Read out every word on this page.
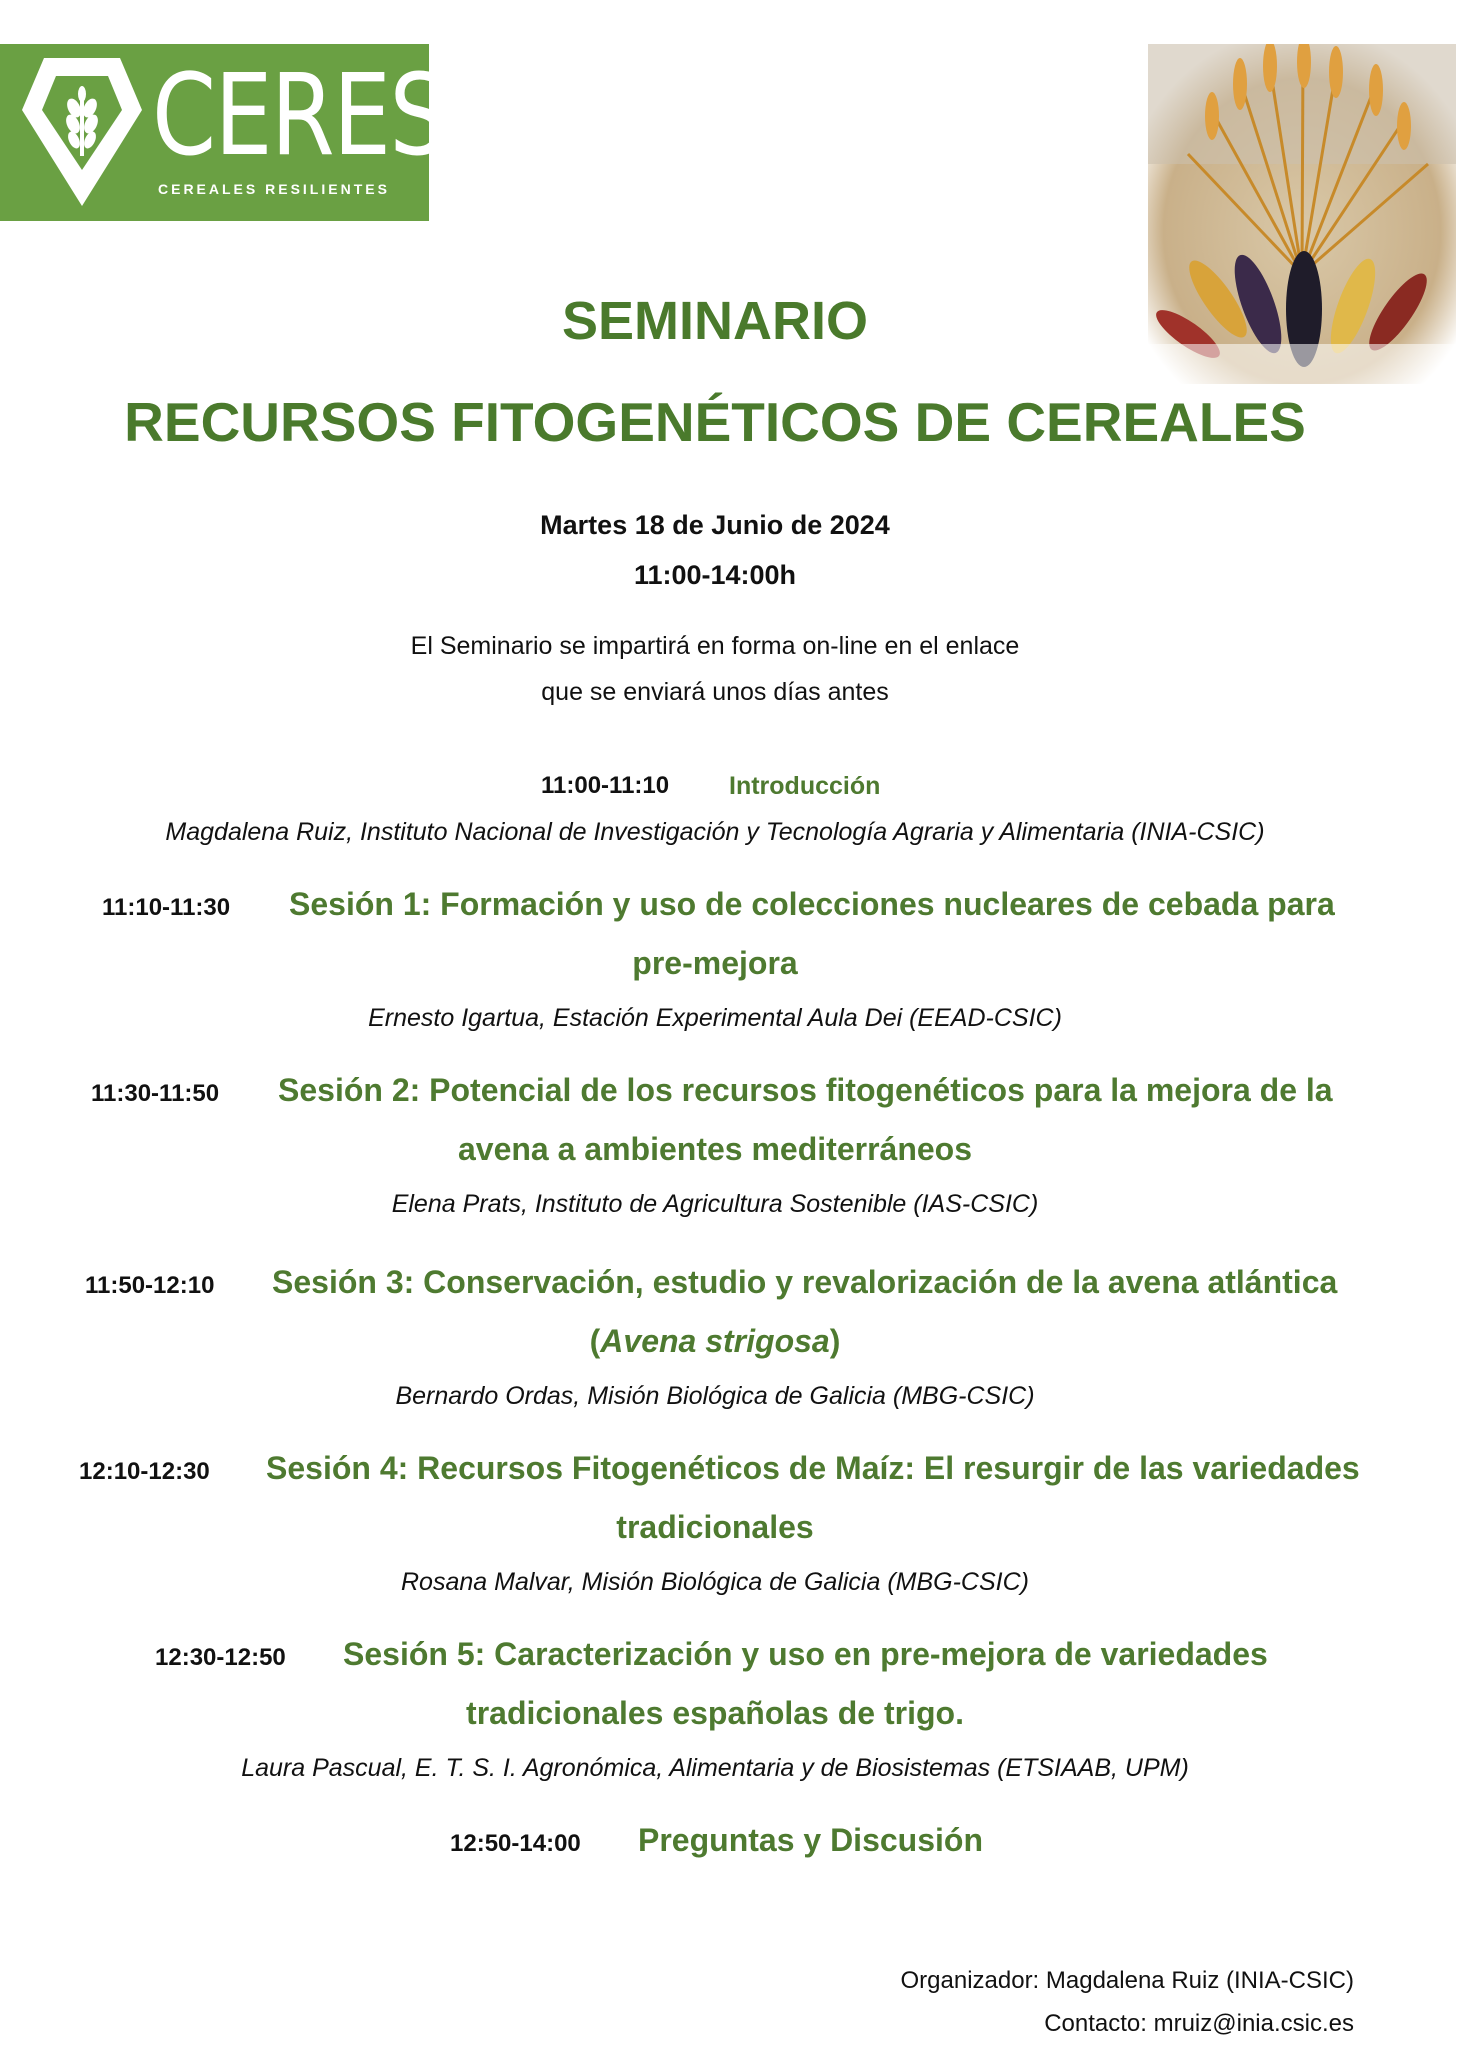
CERES
CEREALES RESILIENTES
SEMINARIO
RECURSOS FITOGENÉTICOS DE CEREALES
Martes 18 de Junio de 2024
11:00-14:00h
El Seminario se impartirá en forma on-line en el enlace
que se enviará unos días antes
11:00-11:10 Introducción
Magdalena Ruiz, Instituto Nacional de Investigación y Tecnología Agraria y Alimentaria (INIA-CSIC)
11:10-11:30 Sesión 1: Formación y uso de colecciones nucleares de cebada para
pre-mejora
Ernesto Igartua, Estación Experimental Aula Dei (EEAD-CSIC)
11:30-11:50 Sesión 2: Potencial de los recursos fitogenéticos para la mejora de la
avena a ambientes mediterráneos
Elena Prats, Instituto de Agricultura Sostenible (IAS-CSIC)
11:50-12:10 Sesión 3: Conservación, estudio y revalorización de la avena atlántica
(Avena strigosa)
Bernardo Ordas, Misión Biológica de Galicia (MBG-CSIC)
12:10-12:30 Sesión 4: Recursos Fitogenéticos de Maíz: El resurgir de las variedades
tradicionales
Rosana Malvar, Misión Biológica de Galicia (MBG-CSIC)
12:30-12:50 Sesión 5: Caracterización y uso en pre-mejora de variedades
tradicionales españolas de trigo.
Laura Pascual, E. T. S. I. Agronómica, Alimentaria y de Biosistemas (ETSIAAB, UPM)
12:50-14:00 Preguntas y Discusión
Organizador: Magdalena Ruiz (INIA-CSIC)
Contacto: mruiz@inia.csic.es
